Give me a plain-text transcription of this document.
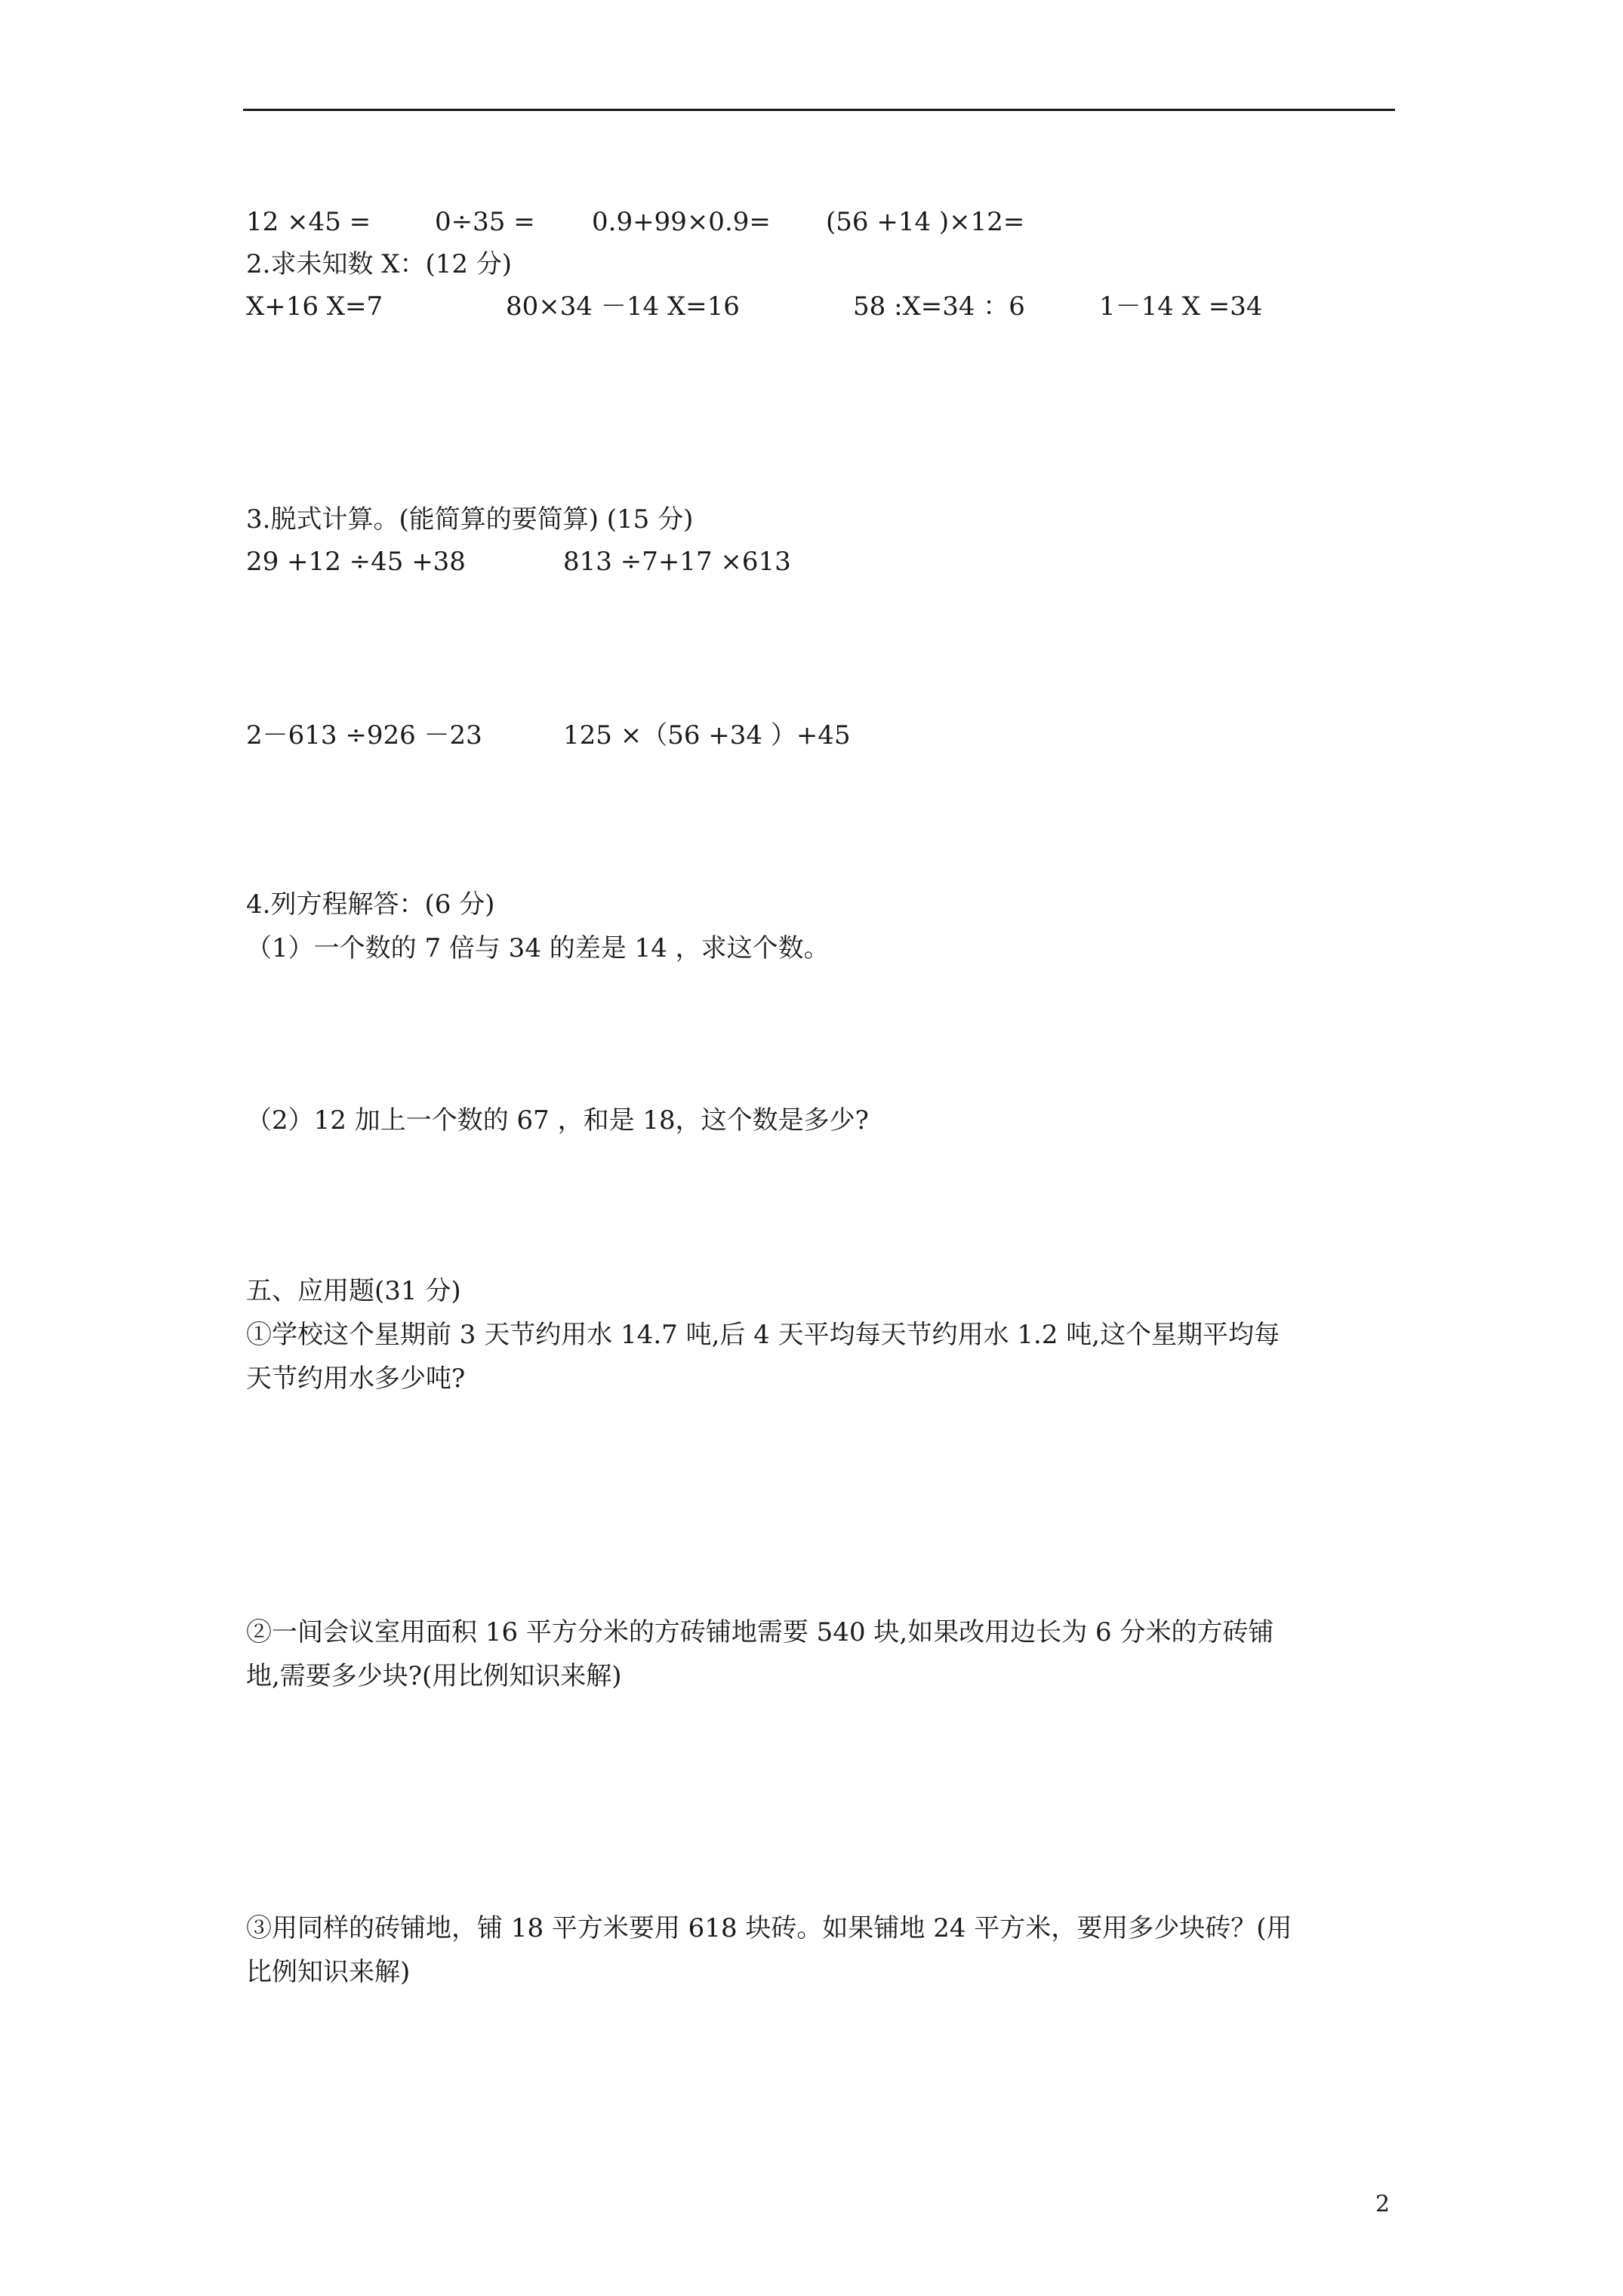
12 ×45 = 0÷35 = 0.9+99×0.9= (56 +14 )×12=
2.求未知数 X：(12 分)
X+16 X=7	80×34 －14 X=16	58 :X=34 ：6	1－14 X =34
3.脱式计算。(能简算的要简算) (15 分)
29 +12 ÷45 +38	813 ÷7+17 ×613
2－613 ÷926 －23	125 ×（56 +34 ）+45
4.列方程解答：(6 分)
（1）一个数的 7 倍与 34 的差是 14 ，求这个数。
（2）12 加上一个数的 67 ，和是 18，这个数是多少?
五、应用题(31 分)
①学校这个星期前 3 天节约用水 14.7 吨,后 4 天平均每天节约用水 1.2 吨,这个星期平均每
天节约用水多少吨?
②一间会议室用面积 16 平方分米的方砖铺地需要 540 块,如果改用边长为 6 分米的方砖铺
地,需要多少块?(用比例知识来解)
③用同样的砖铺地，铺 18 平方米要用 618 块砖。如果铺地 24 平方米，要用多少块砖？(用
比例知识来解)
2
